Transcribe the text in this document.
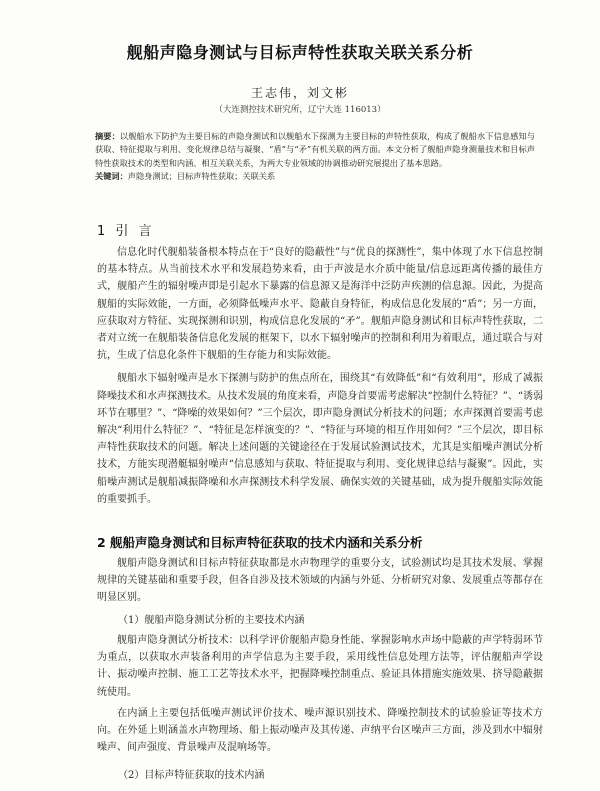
舰船声隐身测试与目标声特性获取关联关系分析
王志伟，刘文彬
（大连测控技术研究所，辽宁大连 116013）
摘要：以舰船水下防护为主要目标的声隐身测试和以舰船水下探测为主要目标的声特性获取，构成了舰船水下信息感知与获取、特征提取与利用、变化规律总结与凝聚、“盾”与“矛”有机关联的两方面。本文分析了舰船声隐身测量技术和目标声特性获取技术的类型和内涵、相互关联关系，为两大专业领域的协调推动研究展提出了基本思路。
关键词：声隐身测试；目标声特性获取；关联关系
1 引 言

信息化时代舰船装备根本特点在于“良好的隐蔽性”与“优良的探测性”，集中体现了水下信息控制的基本特点。从当前技术水平和发展趋势来看，由于声波是水介质中能量/信息远距离传播的最佳方式，舰船产生的辐射噪声即是引起水下暴露的信息源又是海洋中泛防声疾测的信息源。因此，为提高舰船的实际效能，一方面，必须降低噪声水平、隐蔽自身特征，构成信息化发展的“盾”；另一方面，应获取对方特征、实现探测和识别，构成信息化发展的“矛”。舰船声隐身测试和目标声特性获取，二者对立统一在舰船装备信息化发展的框架下，以水下辐射噪声的控制和利用为着眼点，通过联合与对抗，生成了信息化条件下舰船的生存能力和实际效能。

舰船水下辐射噪声是水下探测与防护的焦点所在，围绕其“有效降低”和“有效利用”，形成了减振降噪技术和水声探测技术。从技术发展的角度来看，声隐身首要需考虑解决“控制什么特征？”、“诱弱环节在哪里？”、“降噪的效果如何？”三个层次，即声隐身测试分析技术的问题；水声探测首要需考虑解决“利用什么特征？”、“特征是怎样演变的？”、“特征与环境的相互作用如何？”三个层次，即目标声特性获取技术的问题。解决上述问题的关键途径在于发展试验测试技术，尤其是实船噪声测试分析技术，方能实现潜艇辐射噪声“信息感知与获取、特征提取与利用、变化规律总结与凝聚”。因此，实船噪声测试是舰船减振降噪和水声探测技术科学发展、确保实效的关键基础，成为提升舰船实际效能的重要抓手。

2 舰船声隐身测试和目标声特征获取的技术内涵和关系分析

舰船声隐身测试和目标声特征获取都是水声物理学的重要分支，试验测试均是其技术发展、掌握规律的关键基础和重要手段，但各自涉及技术领域的内涵与外延、分析研究对象、发展重点等都存在明显区别。

（1）舰船声隐身测试分析的主要技术内涵

舰船声隐身测试分析技术：以科学评价舰船声隐身性能、掌握影响水声场中隐蔽的声学特弱环节为重点，以获取水声装备利用的声学信息为主要手段，采用线性信息处理方法等，评估舰船声学设计、振动噪声控制、施工工艺等技术水平，把握降噪控制重点、验证具体措施实施效果、挤导隐蔽据统使用。

在内涵上主要包括低噪声测试评价技术、噪声源识别技术、降噪控制技术的试验验证等技术方向。在外延上则涵盖水声物理场、船上振动噪声及其传递、声纳平台区噪声三方面，涉及到水中辐射噪声、间声强度、背景噪声及混响场等。

（2）目标声特征获取的技术内涵
